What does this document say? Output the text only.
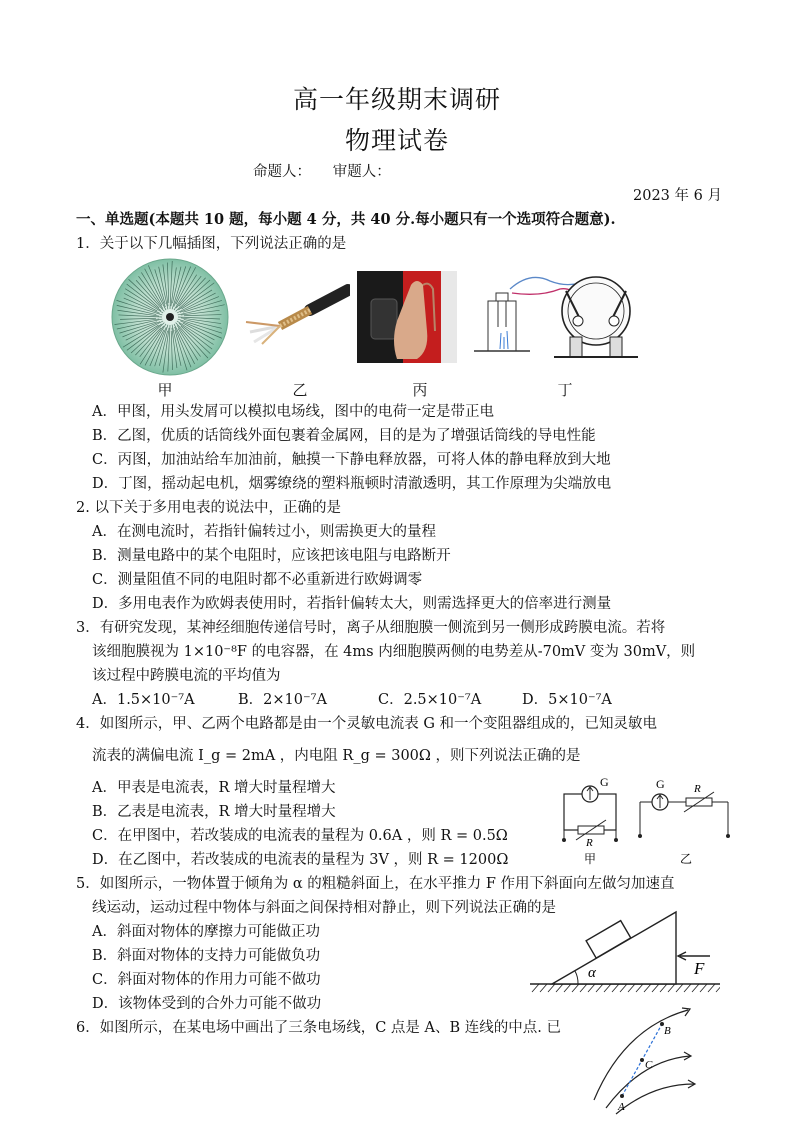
高一年级期末调研
物理试卷
命题人：　　审题人：
2023 年 6 月
一、单选题(本题共 10 题，每小题 4 分，共 40 分.每小题只有一个选项符合题意).
1．关于以下几幅插图，下列说法正确的是
甲	乙	丙	丁
A．甲图，用头发屑可以模拟电场线，图中的电荷一定是带正电
B．乙图，优质的话筒线外面包裹着金属网，目的是为了增强话筒线的导电性能
C．丙图，加油站给车加油前，触摸一下静电释放器，可将人体的静电释放到大地
D．丁图，摇动起电机，烟雾缭绕的塑料瓶顿时清澈透明，其工作原理为尖端放电
2. 以下关于多用电表的说法中，正确的是
A．在测电流时，若指针偏转过小，则需换更大的量程
B．测量电路中的某个电阻时，应该把该电阻与电路断开
C．测量阻值不同的电阻时都不必重新进行欧姆调零
D．多用电表作为欧姆表使用时，若指针偏转太大，则需选择更大的倍率进行测量
3．有研究发现，某神经细胞传递信号时，离子从细胞膜一侧流到另一侧形成跨膜电流。若将
该细胞膜视为 1×10⁻⁸F 的电容器，在 4ms 内细胞膜两侧的电势差从-70mV 变为 30mV，则
该过程中跨膜电流的平均值为
A．1.5×10⁻⁷A	B．2×10⁻⁷A	C．2.5×10⁻⁷A	D．5×10⁻⁷A
4．如图所示，甲、乙两个电路都是由一个灵敏电流表 G 和一个变阻器组成的，已知灵敏电
流表的满偏电流 I_g = 2mA ，内电阻 R_g = 300Ω ，则下列说法正确的是
A．甲表是电流表，R 增大时量程增大
B．乙表是电流表，R 增大时量程增大
C．在甲图中，若改装成的电流表的量程为 0.6A ，则 R = 0.5Ω
D．在乙图中，若改装成的电流表的量程为 3V ，则 R = 1200Ω
G
R
甲
G	R
乙
5．如图所示，一物体置于倾角为 α 的粗糙斜面上，在水平推力 F 作用下斜面向左做匀加速直
线运动，运动过程中物体与斜面之间保持相对静止，则下列说法正确的是
A．斜面对物体的摩擦力可能做正功
B．斜面对物体的支持力可能做负功
C．斜面对物体的作用力可能不做功
D．该物体受到的合外力可能不做功
α	F
6．如图所示，在某电场中画出了三条电场线，C 点是 A、B 连线的中点. 已
A
B
C
